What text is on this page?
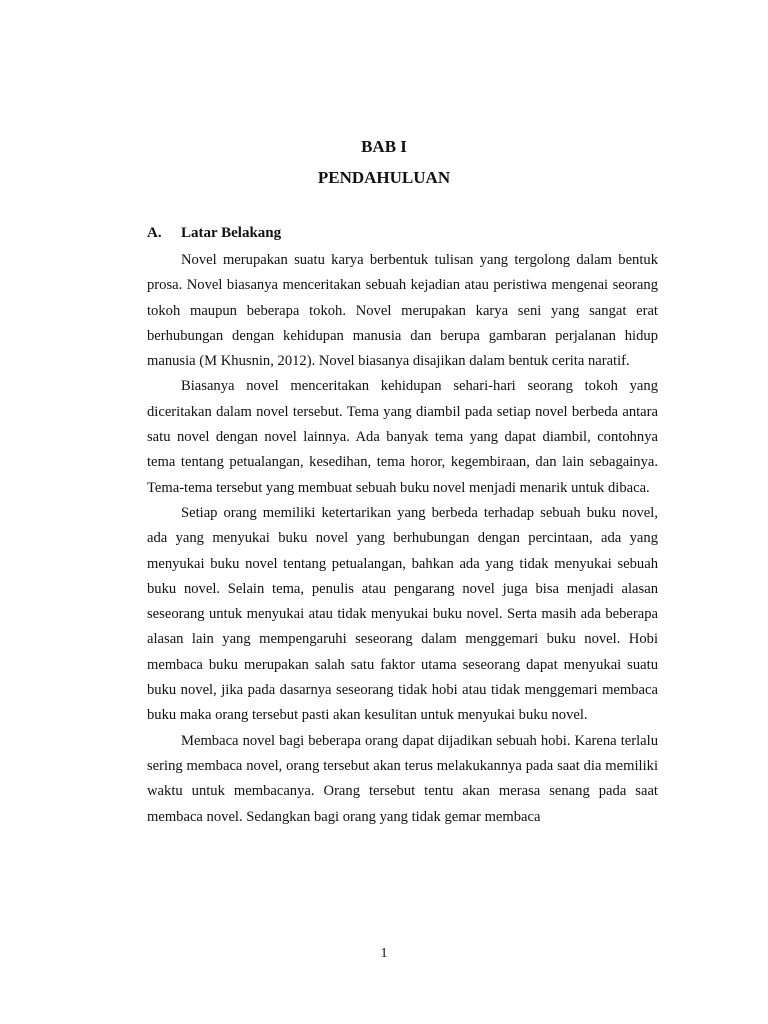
BAB I
PENDAHULUAN
A. Latar Belakang

Novel merupakan suatu karya berbentuk tulisan yang tergolong dalam bentuk prosa. Novel biasanya menceritakan sebuah kejadian atau peristiwa mengenai seorang tokoh maupun beberapa tokoh. Novel merupakan karya seni yang sangat erat berhubungan dengan kehidupan manusia dan berupa gambaran perjalanan hidup manusia (M Khusnin, 2012). Novel biasanya disajikan dalam bentuk cerita naratif.

Biasanya novel menceritakan kehidupan sehari-hari seorang tokoh yang diceritakan dalam novel tersebut. Tema yang diambil pada setiap novel berbeda antara satu novel dengan novel lainnya. Ada banyak tema yang dapat diambil, contohnya tema tentang petualangan, kesedihan, tema horor, kegembiraan, dan lain sebagainya. Tema-tema tersebut yang membuat sebuah buku novel menjadi menarik untuk dibaca.

Setiap orang memiliki ketertarikan yang berbeda terhadap sebuah buku novel, ada yang menyukai buku novel yang berhubungan dengan percintaan, ada yang menyukai buku novel tentang petualangan, bahkan ada yang tidak menyukai sebuah buku novel. Selain tema, penulis atau pengarang novel juga bisa menjadi alasan seseorang untuk menyukai atau tidak menyukai buku novel. Serta masih ada beberapa alasan lain yang mempengaruhi seseorang dalam menggemari buku novel. Hobi membaca buku merupakan salah satu faktor utama seseorang dapat menyukai suatu buku novel, jika pada dasarnya seseorang tidak hobi atau tidak menggemari membaca buku maka orang tersebut pasti akan kesulitan untuk menyukai buku novel.

Membaca novel bagi beberapa orang dapat dijadikan sebuah hobi. Karena terlalu sering membaca novel, orang tersebut akan terus melakukannya pada saat dia memiliki waktu untuk membacanya. Orang tersebut tentu akan merasa senang pada saat membaca novel. Sedangkan bagi orang yang tidak gemar membaca

1
